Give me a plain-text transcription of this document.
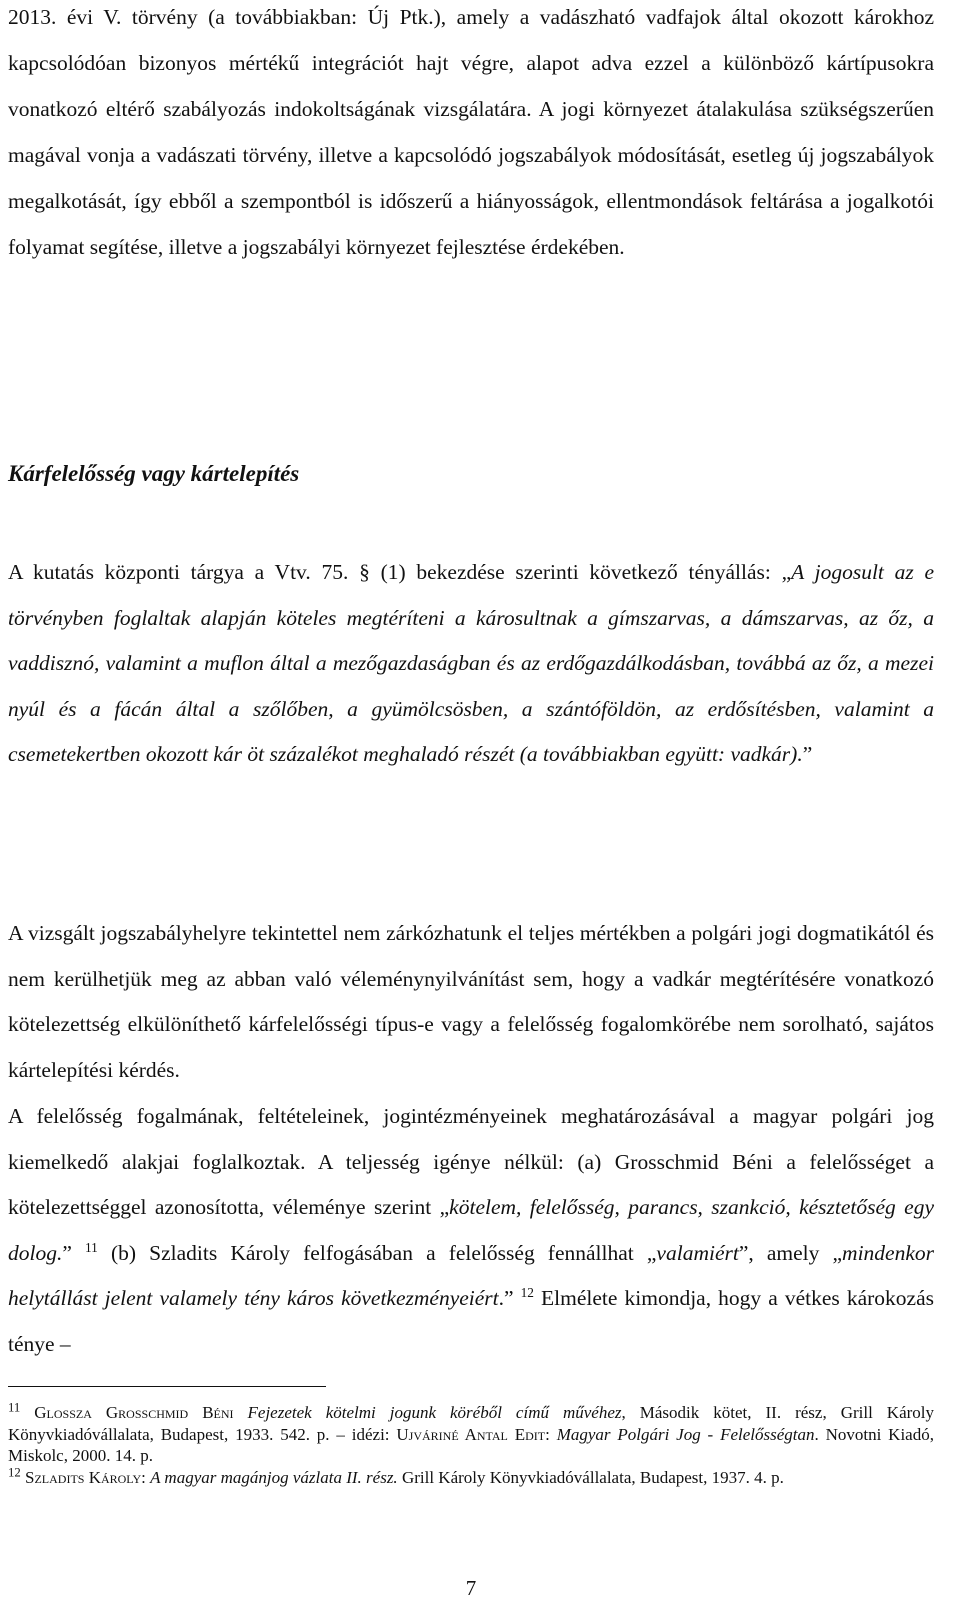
2013. évi V. törvény (a továbbiakban: Új Ptk.), amely a vadászható vadfajok által okozott károkhoz kapcsolódóan bizonyos mértékű integrációt hajt végre, alapot adva ezzel a különböző kártípusokra vonatkozó eltérő szabályozás indokoltságának vizsgálatára. A jogi környezet átalakulása szükségszerűen magával vonja a vadászati törvény, illetve a kapcsolódó jogszabályok módosítását, esetleg új jogszabályok megalkotását, így ebből a szempontból is időszerű a hiányosságok, ellentmondások feltárása a jogalkotói folyamat segítése, illetve a jogszabályi környezet fejlesztése érdekében.

Kárfelelősség vagy kártelepítés

A kutatás központi tárgya a Vtv. 75. § (1) bekezdése szerinti következő tényállás: „A jogosult az e törvényben foglaltak alapján köteles megtéríteni a károsultnak a gímszarvas, a dámszarvas, az őz, a vaddisznó, valamint a muflon által a mezőgazdaságban és az erdőgazdálkodásban, továbbá az őz, a mezei nyúl és a fácán által a szőlőben, a gyümölcsösben, a szántóföldön, az erdősítésben, valamint a csemetekertben okozott kár öt százalékot meghaladó részét (a továbbiakban együtt: vadkár).”

A vizsgált jogszabályhelyre tekintettel nem zárkózhatunk el teljes mértékben a polgári jogi dogmatikától és nem kerülhetjük meg az abban való véleménynyilvánítást sem, hogy a vadkár megtérítésére vonatkozó kötelezettség elkülöníthető kárfelelősségi típus-e vagy a felelősség fogalomkörébe nem sorolható, sajátos kártelepítési kérdés.

A felelősség fogalmának, feltételeinek, jogintézményeinek meghatározásával a magyar polgári jog kiemelkedő alakjai foglalkoztak. A teljesség igénye nélkül: (a) Grosschmid Béni a felelősséget a kötelezettséggel azonosította, véleménye szerint „kötelem, felelősség, parancs, szankció, késztetőség egy dolog.” $^{11}$ (b) Szladits Károly felfogásában a felelősség fennállhat „valamiért”, amely „mindenkor helytállást jelent valamely tény káros következményeiért.” $^{12}$ Elmélete kimondja, hogy a vétkes károkozás ténye –

$^{11}$ Glossza Grosschmid Béni Fejezetek kötelmi jogunk köréből című művéhez, Második kötet, II. rész, Grill Károly Könyvkiadóvállalata, Budapest, 1933. 542. p. – idézi: Ujváriné Antal Edit: Magyar Polgári Jog - Felelősségtan. Novotni Kiadó, Miskolc, 2000. 14. p.

$^{12}$ Szladits Károly: A magyar magánjog vázlata II. rész. Grill Károly Könyvkiadóvállalata, Budapest, 1937. 4. p.

7
